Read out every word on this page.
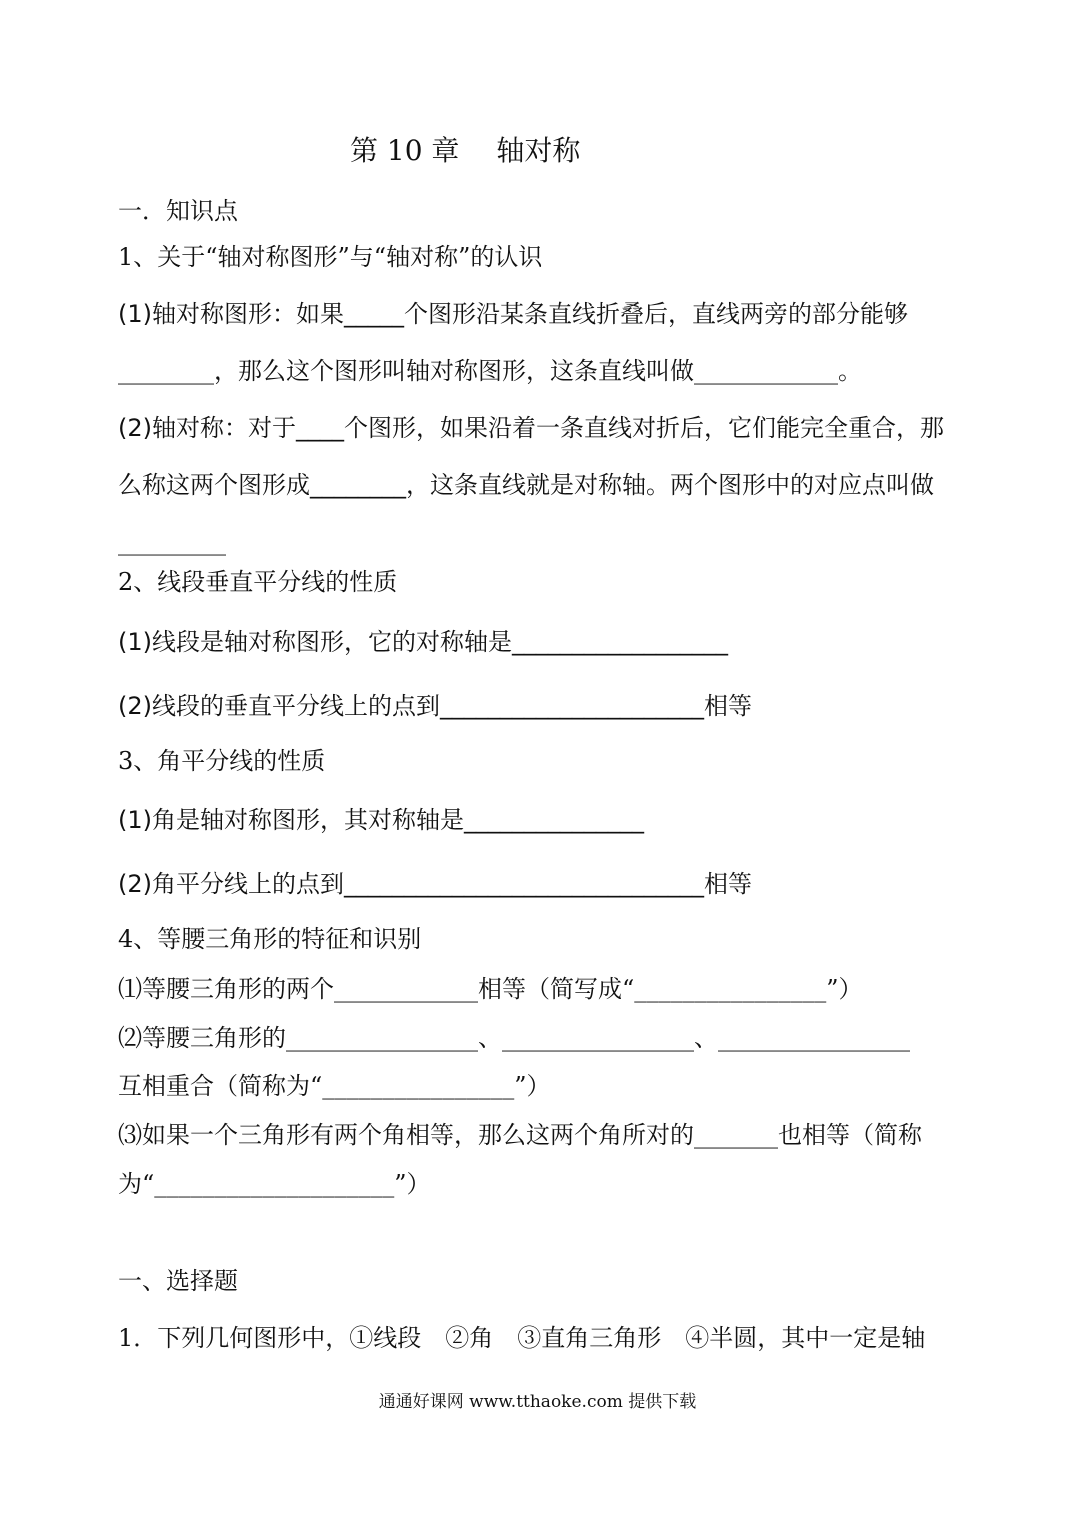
第 10 章　 轴对称
一．知识点
1、关于“轴对称图形”与“轴对称”的认识
(1)轴对称图形：如果_____个图形沿某条直线折叠后，直线两旁的部分能够
________，那么这个图形叫轴对称图形，这条直线叫做____________。
(2)轴对称：对于____个图形，如果沿着一条直线对折后，它们能完全重合，那
么称这两个图形成________，这条直线就是对称轴。两个图形中的对应点叫做
_________
2、线段垂直平分线的性质
(1)线段是轴对称图形，它的对称轴是__________________
(2)线段的垂直平分线上的点到______________________相等
3、角平分线的性质
(1)角是轴对称图形，其对称轴是_______________
(2)角平分线上的点到______________________________相等
4、等腰三角形的特征和识别
⑴等腰三角形的两个____________相等（简写成“________________”）
⑵等腰三角形的________________、________________、________________
互相重合（简称为“________________”）
⑶如果一个三角形有两个角相等，那么这两个角所对的_______也相等（简称
为“____________________”）
一、选择题
1．下列几何图形中，①线段　②角　③直角三角形　④半圆，其中一定是轴
通通好课网 www.tthaoke.com 提供下载
